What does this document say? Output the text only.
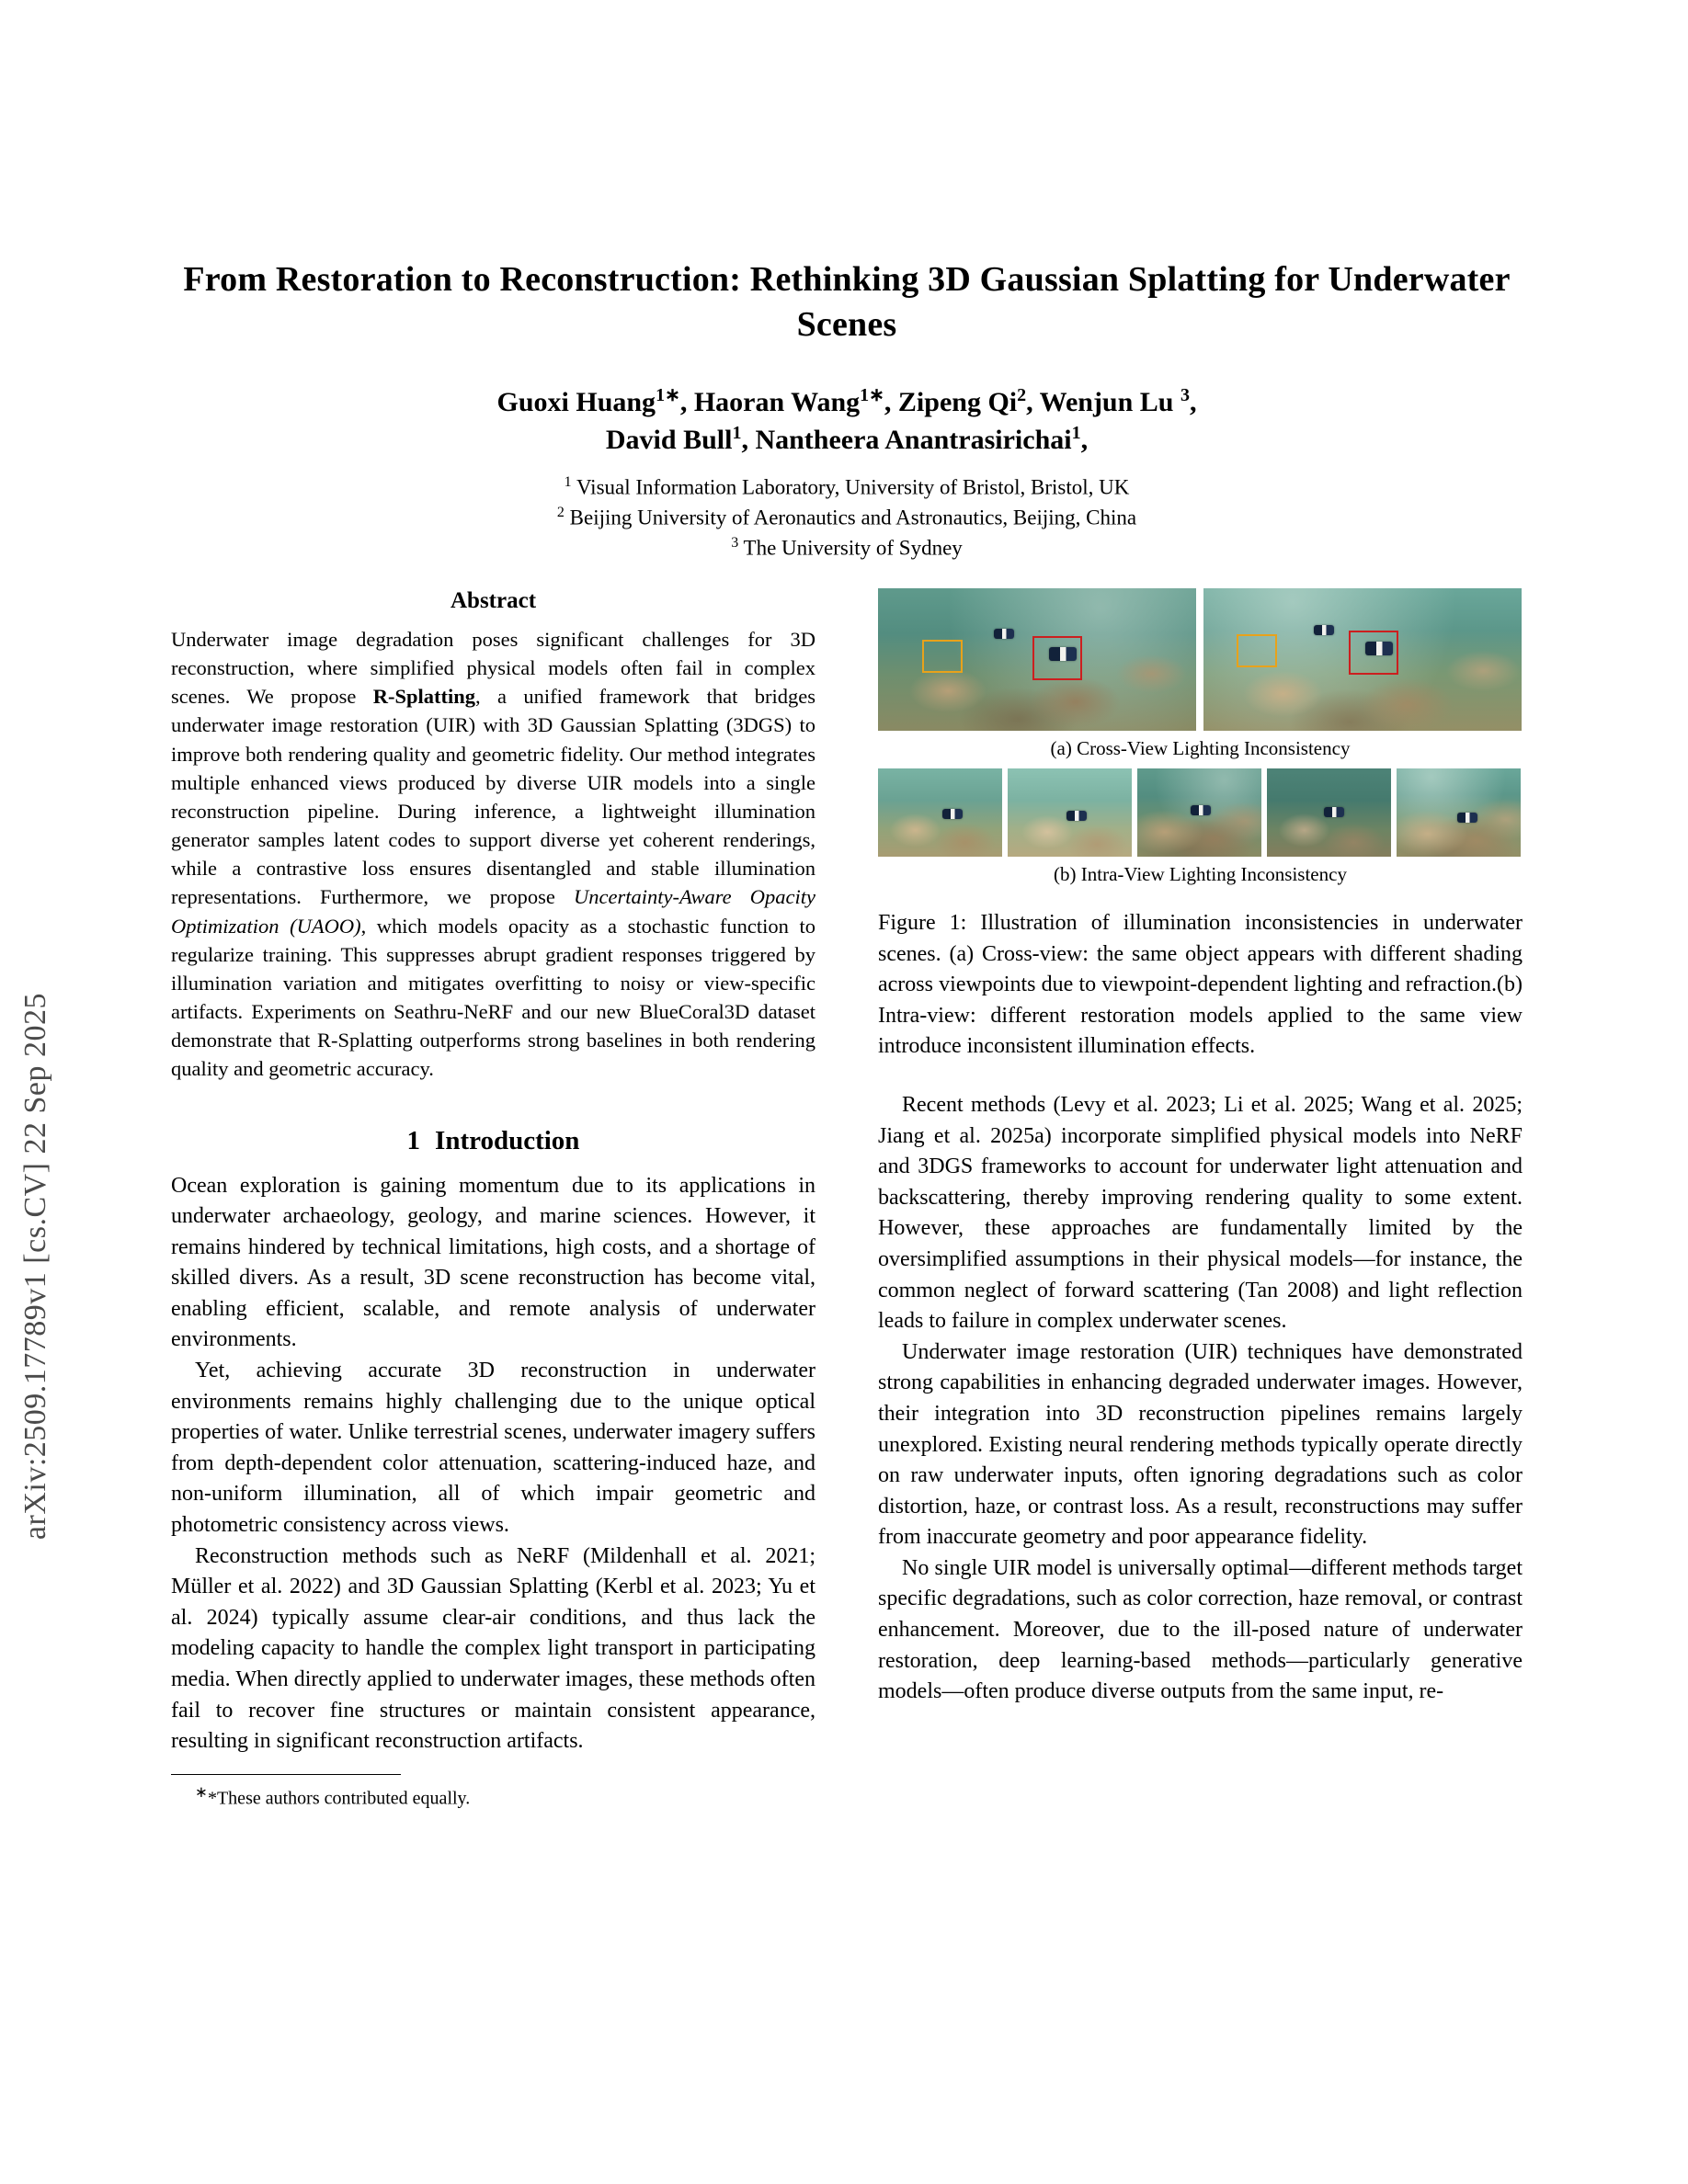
arXiv:2509.17789v1 [cs.CV] 22 Sep 2025
From Restoration to Reconstruction: Rethinking 3D Gaussian Splatting for Underwater Scenes
Guoxi Huang$^{1∗}$, Haoran Wang$^{1∗}$, Zipeng Qi$^2$, Wenjun Lu $^3$,
David Bull$^1$, Nantheera Anantrasirichai$^1$,
$^1$ Visual Information Laboratory, University of Bristol, Bristol, UK
$^2$ Beijing University of Aeronautics and Astronautics, Beijing, China
$^3$ The University of Sydney
Abstract
Underwater image degradation poses significant challenges for 3D reconstruction, where simplified physical models often fail in complex scenes. We propose R-Splatting, a unified framework that bridges underwater image restoration (UIR) with 3D Gaussian Splatting (3DGS) to improve both rendering quality and geometric fidelity. Our method integrates multiple enhanced views produced by diverse UIR models into a single reconstruction pipeline. During inference, a lightweight illumination generator samples latent codes to support diverse yet coherent renderings, while a contrastive loss ensures disentangled and stable illumination representations. Furthermore, we propose Uncertainty-Aware Opacity Optimization (UAOO), which models opacity as a stochastic function to regularize training. This suppresses abrupt gradient responses triggered by illumination variation and mitigates overfitting to noisy or view-specific artifacts. Experiments on Seathru-NeRF and our new BlueCoral3D dataset demonstrate that R-Splatting outperforms strong baselines in both rendering quality and geometric accuracy.
1 Introduction

Ocean exploration is gaining momentum due to its applications in underwater archaeology, geology, and marine sciences. However, it remains hindered by technical limitations, high costs, and a shortage of skilled divers. As a result, 3D scene reconstruction has become vital, enabling efficient, scalable, and remote analysis of underwater environments.

Yet, achieving accurate 3D reconstruction in underwater environments remains highly challenging due to the unique optical properties of water. Unlike terrestrial scenes, underwater imagery suffers from depth-dependent color attenuation, scattering-induced haze, and non-uniform illumination, all of which impair geometric and photometric consistency across views.

Reconstruction methods such as NeRF (Mildenhall et al. 2021; Müller et al. 2022) and 3D Gaussian Splatting (Kerbl et al. 2023; Yu et al. 2024) typically assume clear-air conditions, and thus lack the modeling capacity to handle the complex light transport in participating media. When directly applied to underwater images, these methods often fail to recover fine structures or maintain consistent appearance, resulting in significant reconstruction artifacts.

∗*These authors contributed equally.
(a) Cross-View Lighting Inconsistency
(b) Intra-View Lighting Inconsistency
Figure 1: Illustration of illumination inconsistencies in underwater scenes. (a) Cross-view: the same object appears with different shading across viewpoints due to viewpoint-dependent lighting and refraction.(b) Intra-view: different restoration models applied to the same view introduce inconsistent illumination effects.

Recent methods (Levy et al. 2023; Li et al. 2025; Wang et al. 2025; Jiang et al. 2025a) incorporate simplified physical models into NeRF and 3DGS frameworks to account for underwater light attenuation and backscattering, thereby improving rendering quality to some extent. However, these approaches are fundamentally limited by the oversimplified assumptions in their physical models—for instance, the common neglect of forward scattering (Tan 2008) and light reflection leads to failure in complex underwater scenes.

Underwater image restoration (UIR) techniques have demonstrated strong capabilities in enhancing degraded underwater images. However, their integration into 3D reconstruction pipelines remains largely unexplored. Existing neural rendering methods typically operate directly on raw underwater inputs, often ignoring degradations such as color distortion, haze, or contrast loss. As a result, reconstructions may suffer from inaccurate geometry and poor appearance fidelity.

No single UIR model is universally optimal—different methods target specific degradations, such as color correction, haze removal, or contrast enhancement. Moreover, due to the ill-posed nature of underwater restoration, deep learning-based methods—particularly generative models—often produce diverse outputs from the same input, re-
